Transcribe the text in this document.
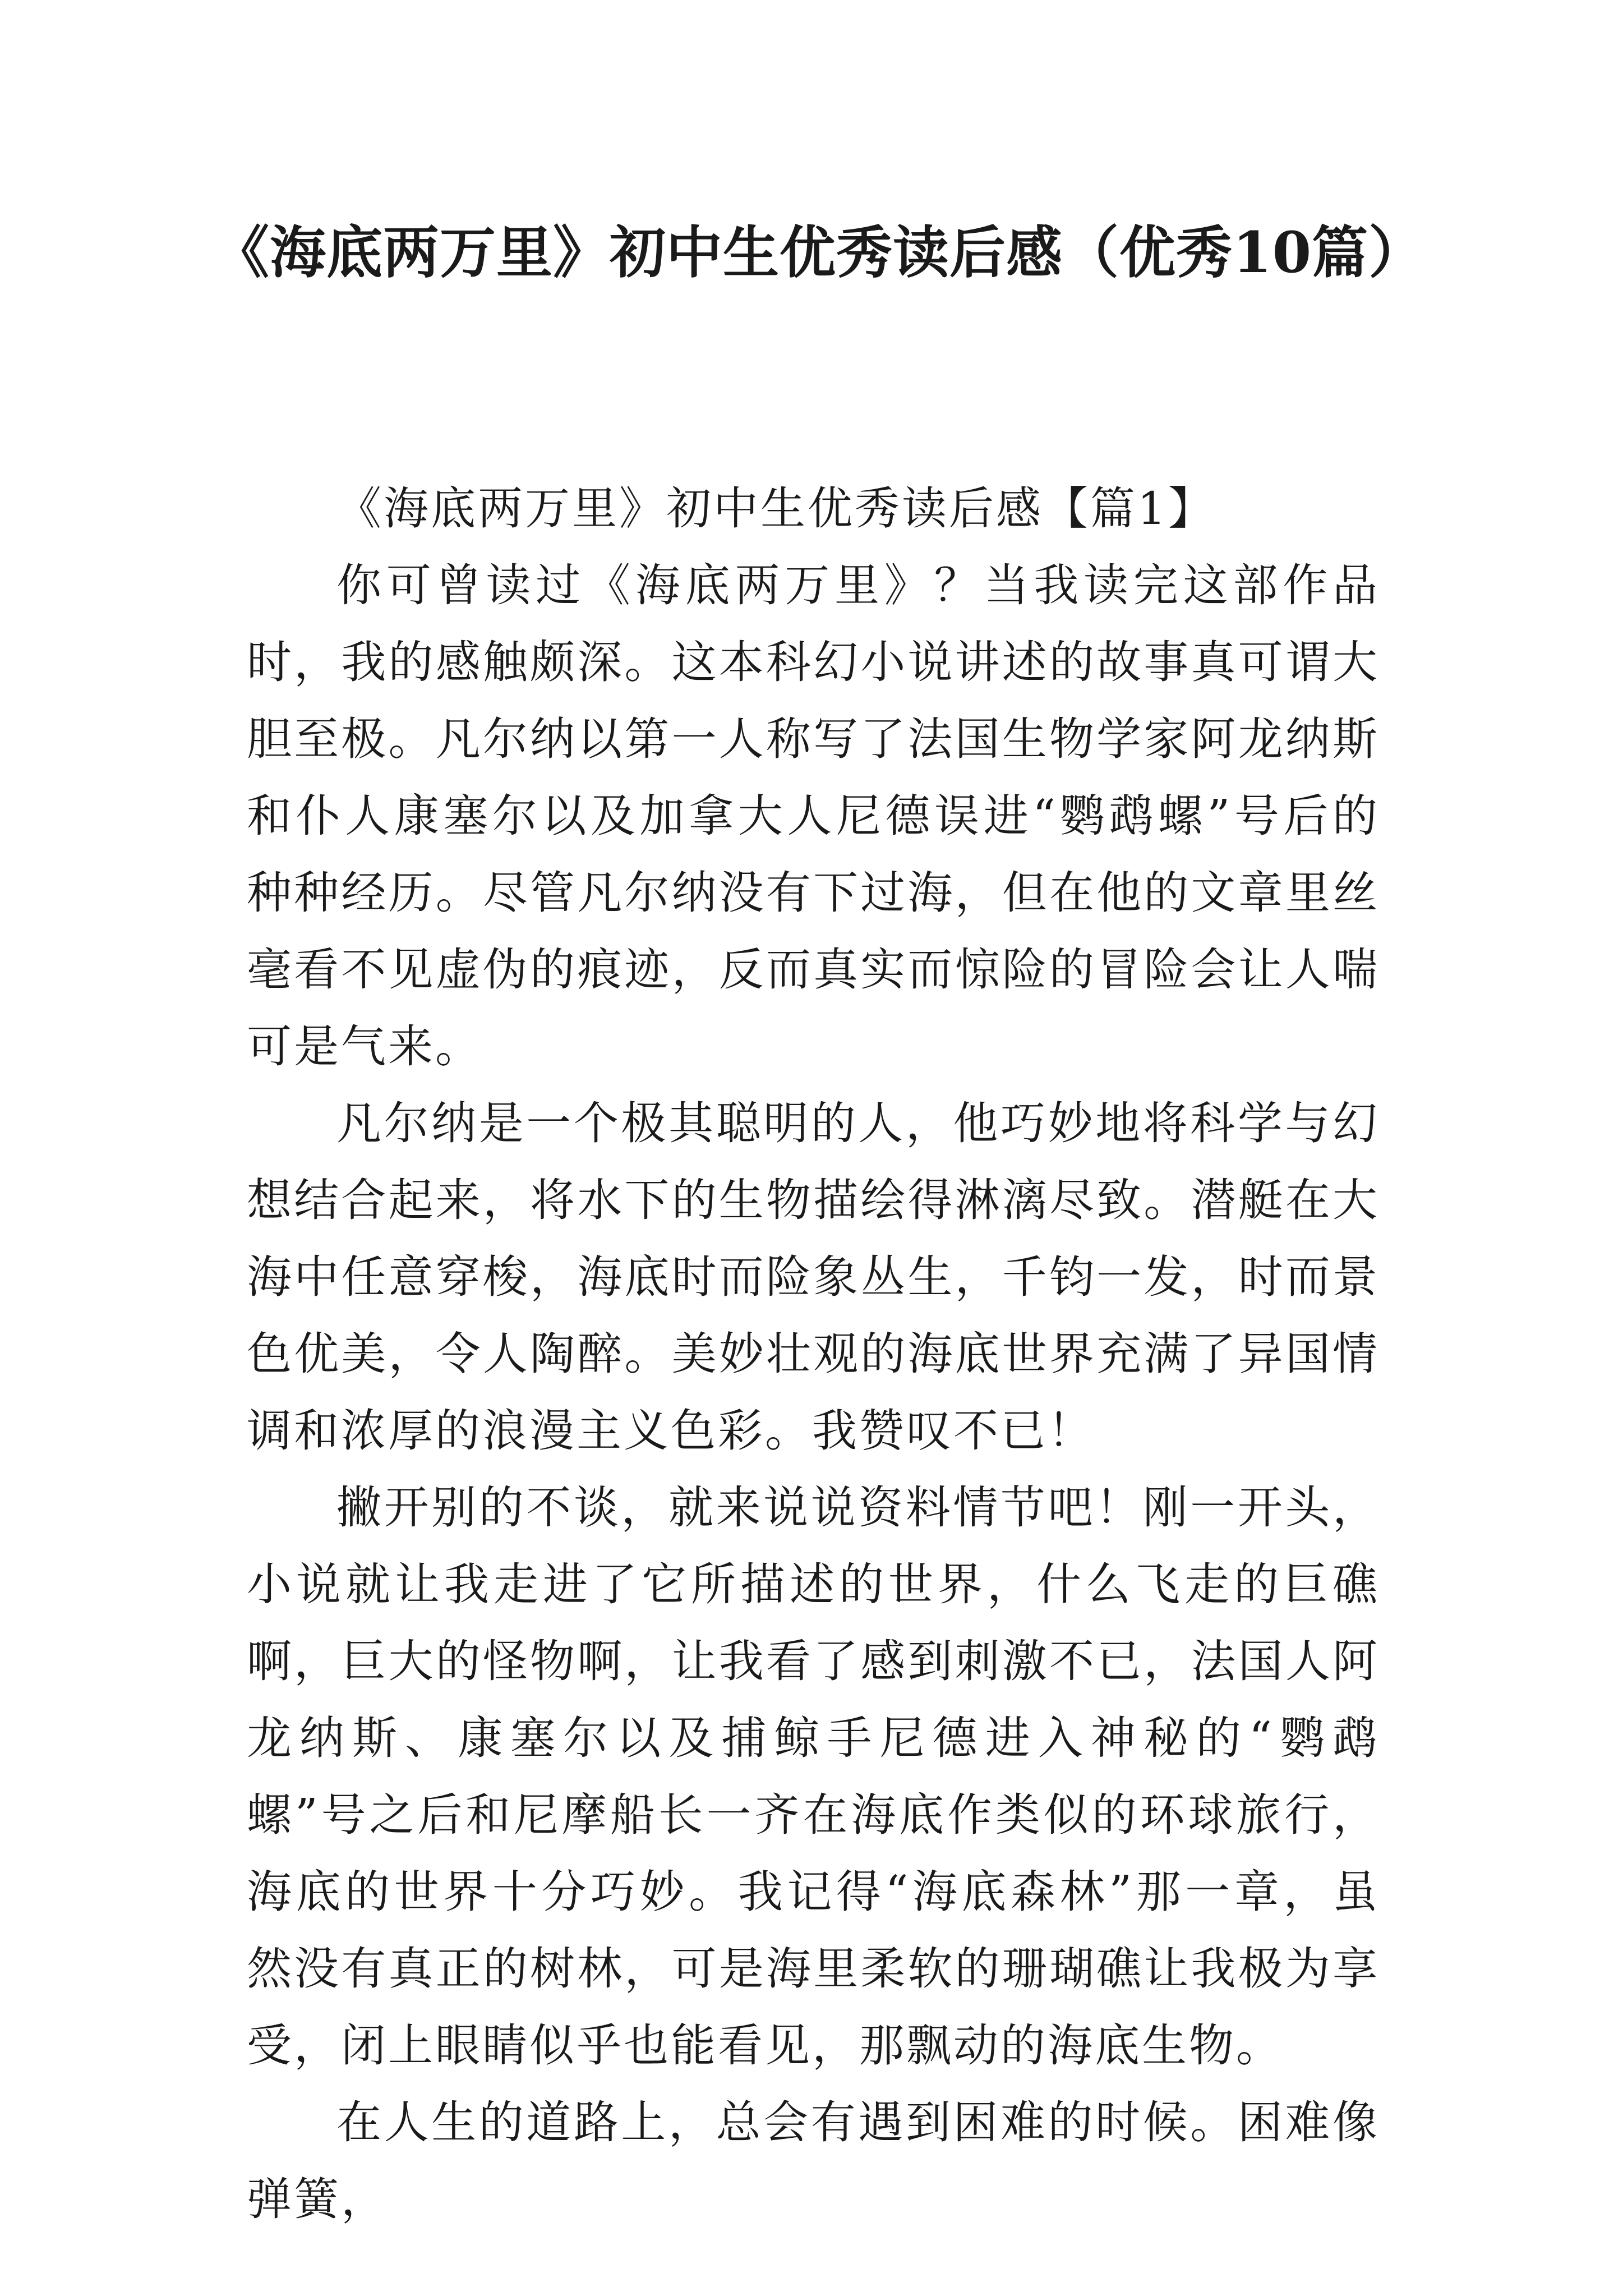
《海底两万里》初中生优秀读后感（优秀10篇）

《海底两万里》初中生优秀读后感【篇1】

你可曾读过《海底两万里》？当我读完这部作品时，我的感触颇深。这本科幻小说讲述的故事真可谓大胆至极。凡尔纳以第一人称写了法国生物学家阿龙纳斯和仆人康塞尔以及加拿大人尼德误进“鹦鹉螺”号后的种种经历。尽管凡尔纳没有下过海，但在他的文章里丝毫看不见虚伪的痕迹，反而真实而惊险的冒险会让人喘可是气来。

凡尔纳是一个极其聪明的人，他巧妙地将科学与幻想结合起来，将水下的生物描绘得淋漓尽致。潜艇在大海中任意穿梭，海底时而险象丛生，千钧一发，时而景色优美，令人陶醉。美妙壮观的海底世界充满了异国情调和浓厚的浪漫主义色彩。我赞叹不已！

撇开别的不谈，就来说说资料情节吧！刚一开头，小说就让我走进了它所描述的世界，什么飞走的巨礁啊，巨大的怪物啊，让我看了感到刺激不已，法国人阿龙纳斯、康塞尔以及捕鲸手尼德进入神秘的“鹦鹉螺”号之后和尼摩船长一齐在海底作类似的环球旅行，海底的世界十分巧妙。我记得“海底森林”那一章，虽然没有真正的树林，可是海里柔软的珊瑚礁让我极为享受，闭上眼睛似乎也能看见，那飘动的海底生物。

在人生的道路上，总会有遇到困难的时候。困难像弹簧，
